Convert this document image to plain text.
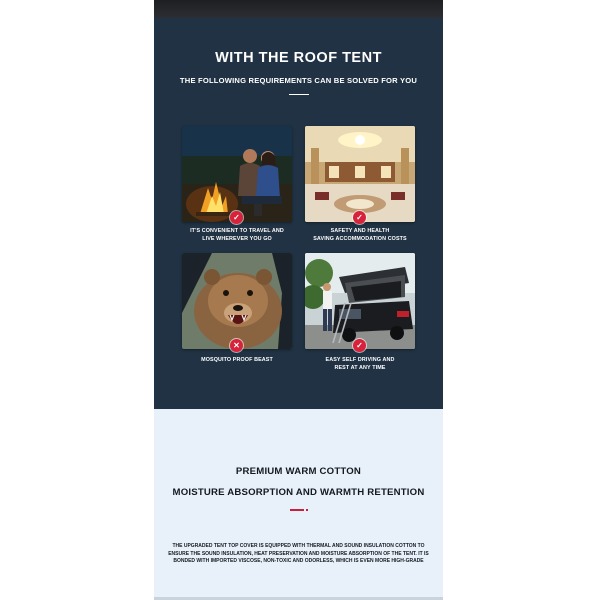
WITH THE ROOF TENT
THE FOLLOWING REQUIREMENTS CAN BE SOLVED FOR YOU
✓
IT'S CONVENIENT TO TRAVEL AND
LIVE WHEREVER YOU GO
✓
SAFETY AND HEALTH
SAVING ACCOMMODATION COSTS
✕
MOSQUITO PROOF BEAST
✓
EASY SELF DRIVING AND
REST AT ANY TIME
PREMIUM WARM COTTON
MOISTURE ABSORPTION AND WARMTH RETENTION
THE UPGRADED TENT TOP COVER IS EQUIPPED WITH THERMAL AND SOUND INSULATION COTTON TO ENSURE THE SOUND INSULATION, HEAT PRESERVATION AND MOISTURE ABSORPTION OF THE TENT. IT IS BONDED WITH IMPORTED VISCOSE, NON-TOXIC AND ODORLESS, WHICH IS EVEN MORE HIGH-GRADE
